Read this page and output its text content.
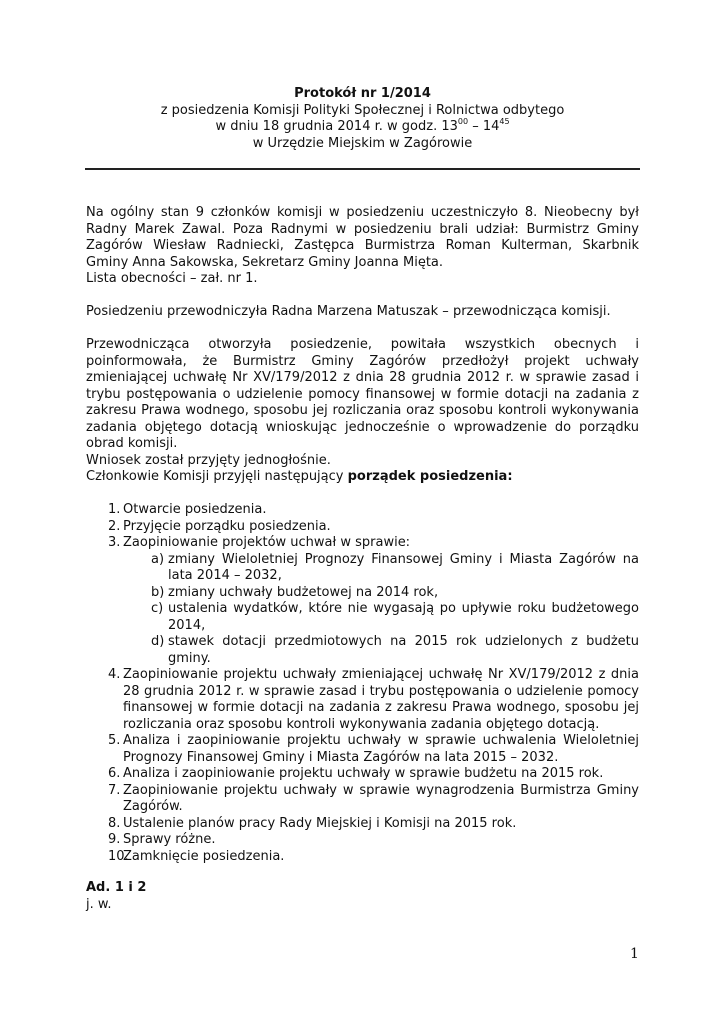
Protokół nr 1/2014
z posiedzenia Komisji Polityki Społecznej i Rolnictwa odbytego
w dniu 18 grudnia 2014 r. w godz. $13^{00} - 14^{45}$
w Urzędzie Miejskim w Zagórowie

Na ogólny stan 9 członków komisji w posiedzeniu uczestniczyło 8. Nieobecny był Radny Marek Zawal. Poza Radnymi w posiedzeniu brali udział: Burmistrz Gminy Zagórów Wiesław Radniecki, Zastępca Burmistrza Roman Kulterman, Skarbnik Gminy Anna Sakowska, Sekretarz Gminy Joanna Mięta.

Lista obecności – zał. nr 1.

Posiedzeniu przewodniczyła Radna Marzena Matuszak – przewodnicząca komisji.

Przewodnicząca otworzyła posiedzenie, powitała wszystkich obecnych i poinformowała, że Burmistrz Gminy Zagórów przedłożył projekt uchwały zmieniającej uchwałę Nr XV/179/2012 z dnia 28 grudnia 2012 r. w sprawie zasad i trybu postępowania o udzielenie pomocy finansowej w formie dotacji na zadania z zakresu Prawa wodnego, sposobu jej rozliczania oraz sposobu kontroli wykonywania zadania objętego dotacją wnioskując jednocześnie o wprowadzenie do porządku obrad komisji.

Wniosek został przyjęty jednogłośnie.

Członkowie Komisji przyjęli następujący porządek posiedzenia:

1. Otwarcie posiedzenia.
2. Przyjęcie porządku posiedzenia.
3. Zaopiniowanie projektów uchwał w sprawie:
a) zmiany Wieloletniej Prognozy Finansowej Gminy i Miasta Zagórów na lata 2014 – 2032,
b) zmiany uchwały budżetowej na 2014 rok,
c) ustalenia wydatków, które nie wygasają po upływie roku budżetowego 2014,
d) stawek dotacji przedmiotowych na 2015 rok udzielonych z budżetu gminy.
4. Zaopiniowanie projektu uchwały zmieniającej uchwałę Nr XV/179/2012 z dnia 28 grudnia 2012 r. w sprawie zasad i trybu postępowania o udzielenie pomocy finansowej w formie dotacji na zadania z zakresu Prawa wodnego, sposobu jej rozliczania oraz sposobu kontroli wykonywania zadania objętego dotacją.
5. Analiza i zaopiniowanie projektu uchwały w sprawie uchwalenia Wieloletniej Prognozy Finansowej Gminy i Miasta Zagórów na lata 2015 – 2032.
6. Analiza i zaopiniowanie projektu uchwały w sprawie budżetu na 2015 rok.
7. Zaopiniowanie projektu uchwały w sprawie wynagrodzenia Burmistrza Gminy Zagórów.
8. Ustalenie planów pracy Rady Miejskiej i Komisji na 2015 rok.
9. Sprawy różne.
10.
Zamknięcie posiedzenia.
Ad. 1 i 2
j. w.
1
